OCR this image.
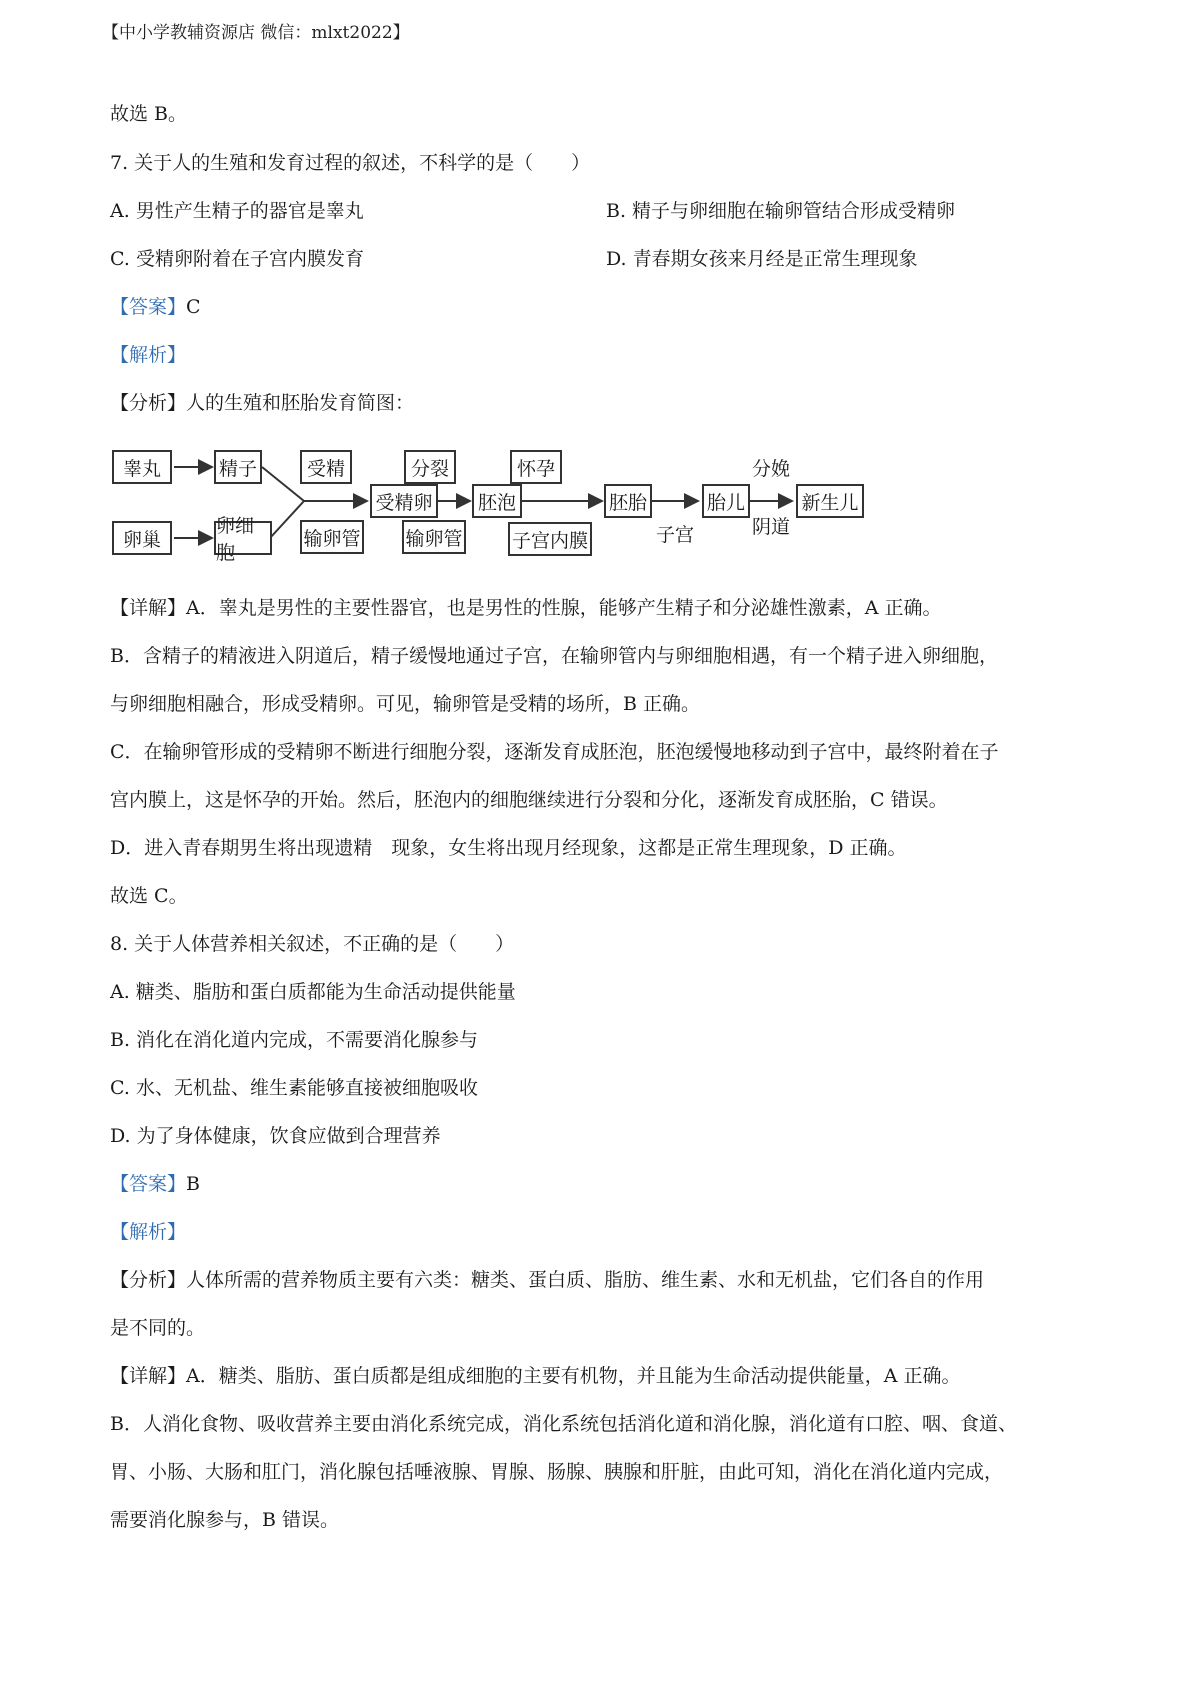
【中小学教辅资源店 微信：mlxt2022】
故选 B。
7. 关于人的生殖和发育过程的叙述，不科学的是（　　）
A. 男性产生精子的器官是睾丸	B. 精子与卵细胞在输卵管结合形成受精卵
C. 受精卵附着在子宫内膜发育	D. 青春期女孩来月经是正常生理现象
【答案】C
【解析】
【分析】人的生殖和胚胎发育简图：
睾丸	精子
卵巢
卵细胞
受精
输卵管
受精卵
分裂
输卵管
胚泡
怀孕
子宫内膜
胚胎
子宫
胎儿
分娩
阴道
新生儿
【详解】A．睾丸是男性的主要性器官，也是男性的性腺，能够产生精子和分泌雄性激素，A 正确。
B．含精子的精液进入阴道后，精子缓慢地通过子宫，在输卵管内与卵细胞相遇，有一个精子进入卵细胞，
与卵细胞相融合，形成受精卵。可见，输卵管是受精的场所，B 正确。
C．在输卵管形成的受精卵不断进行细胞分裂，逐渐发育成胚泡，胚泡缓慢地移动到子宫中，最终附着在子
宫内膜上，这是怀孕的开始。然后，胚泡内的细胞继续进行分裂和分化，逐渐发育成胚胎，C 错误。
D．进入青春期男生将出现遗精　现象，女生将出现月经现象，这都是正常生理现象，D 正确。
故选 C。
8. 关于人体营养相关叙述，不正确的是（　　）
A. 糖类、脂肪和蛋白质都能为生命活动提供能量
B. 消化在消化道内完成，不需要消化腺参与
C. 水、无机盐、维生素能够直接被细胞吸收
D. 为了身体健康，饮食应做到合理营养
【答案】B
【解析】
【分析】人体所需的营养物质主要有六类：糖类、蛋白质、脂肪、维生素、水和无机盐，它们各自的作用
是不同的。
【详解】A．糖类、脂肪、蛋白质都是组成细胞的主要有机物，并且能为生命活动提供能量，A 正确。
B．人消化食物、吸收营养主要由消化系统完成，消化系统包括消化道和消化腺，消化道有口腔、咽、食道、
胃、小肠、大肠和肛门，消化腺包括唾液腺、胃腺、肠腺、胰腺和肝脏，由此可知，消化在消化道内完成，
需要消化腺参与，B 错误。
